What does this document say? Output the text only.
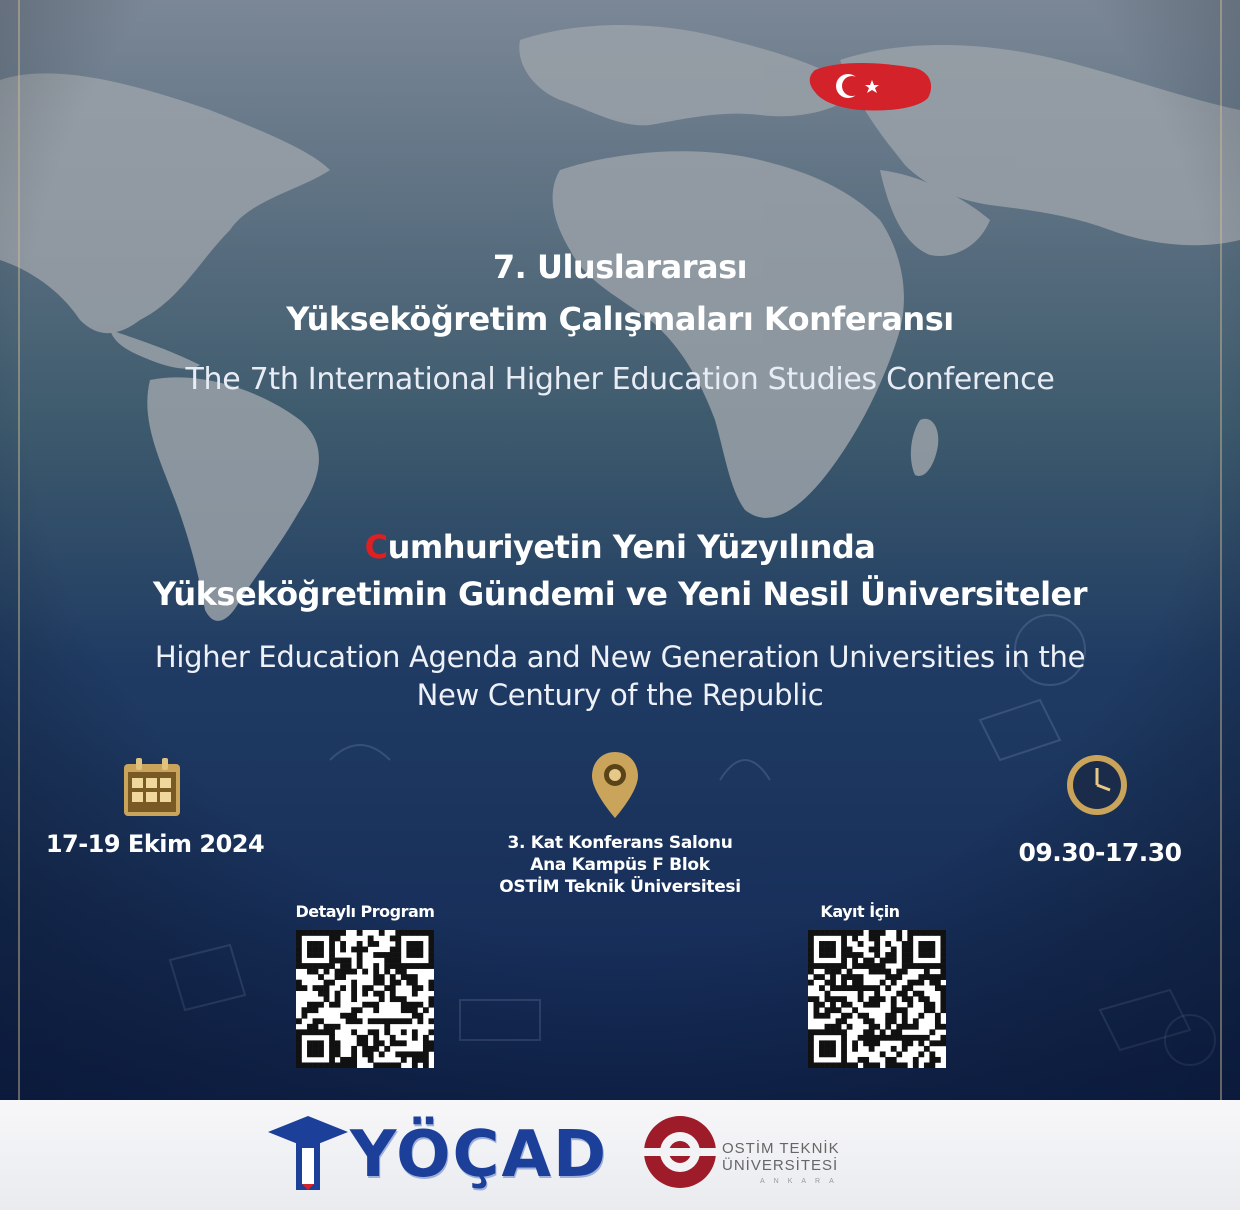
7. Uluslararası
Yükseköğretim Çalışmaları Konferansı
The 7th International Higher Education Studies Conference
Cumhuriyetin Yeni Yüzyılında
Yükseköğretimin Gündemi ve Yeni Nesil Üniversiteler
Higher Education Agenda and New Generation Universities in the
New Century of the Republic
17-19 Ekim 2024	3. Kat Konferans Salonu
Ana Kampüs F Blok
OSTİM Teknik Üniversitesi
09.30-17.30
Detaylı Program	Kayıt İçin
YÖÇAD	OSTİM TEKNİK
ÜNİVERSİTESİ
ANKARA
